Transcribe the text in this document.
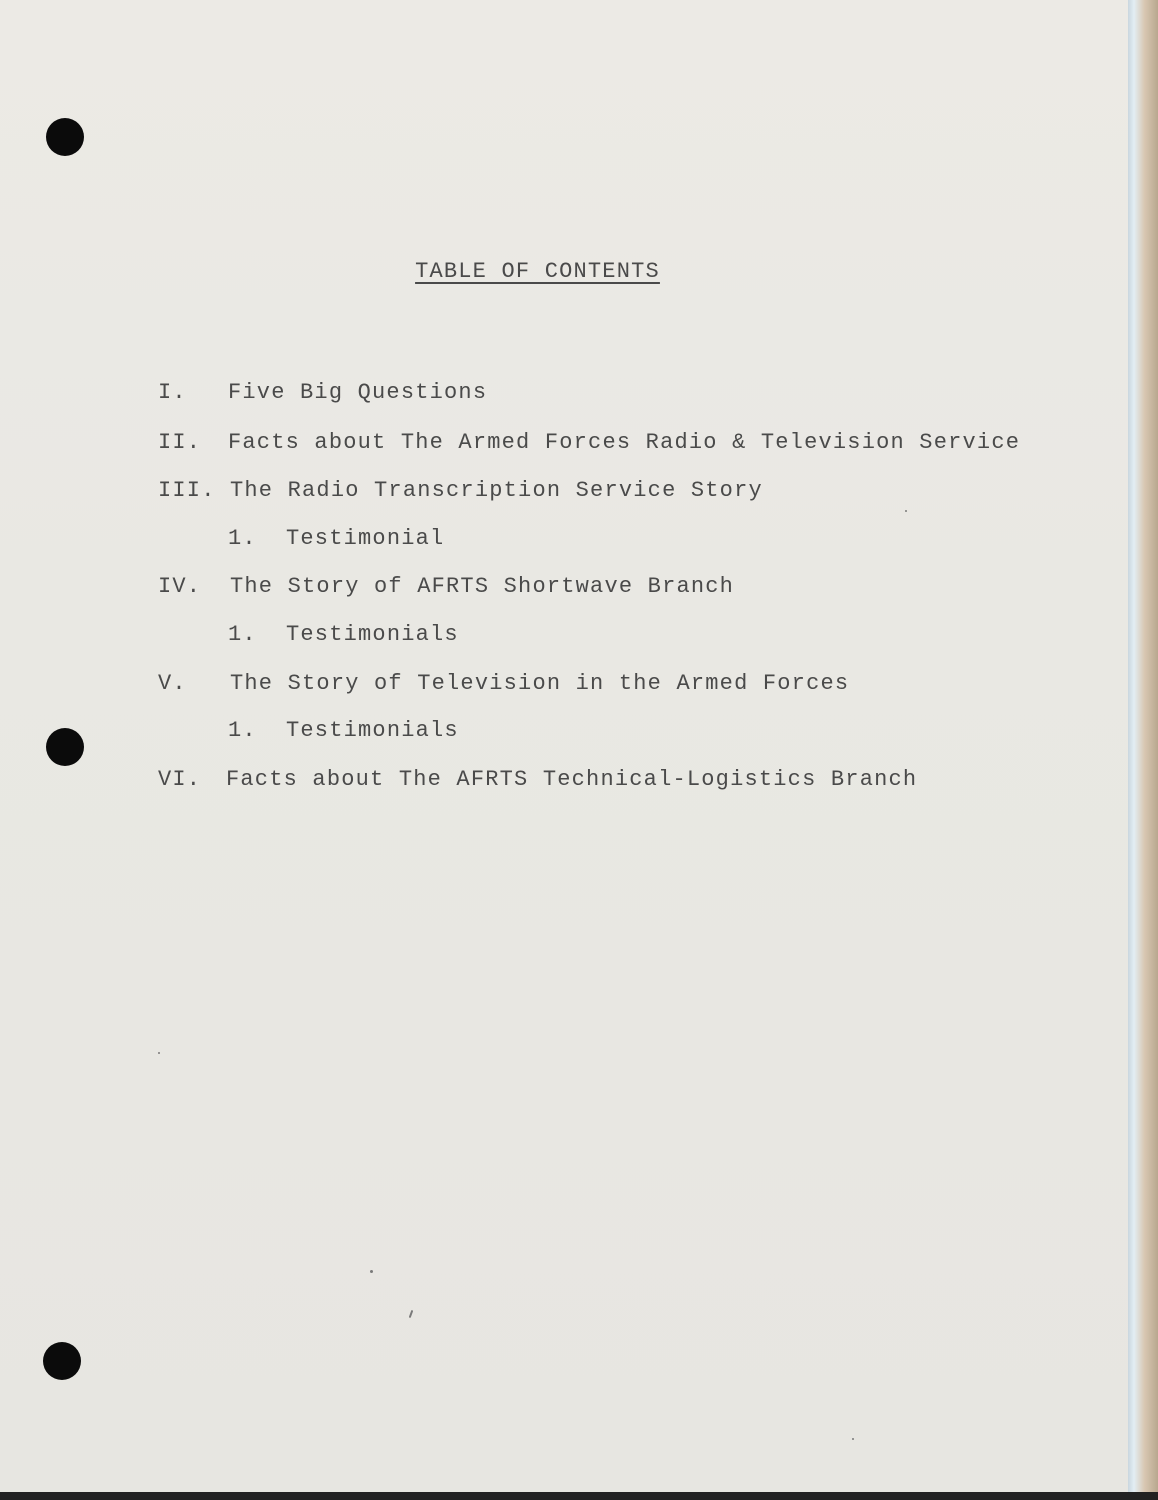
TABLE OF CONTENTS
I. Five Big Questions
II. Facts about The Armed Forces Radio & Television Service
III. The Radio Transcription Service Story
1. Testimonial
IV. The Story of AFRTS Shortwave Branch
1. Testimonials
V. The Story of Television in the Armed Forces
1. Testimonials
VI. Facts about The AFRTS Technical-Logistics Branch
